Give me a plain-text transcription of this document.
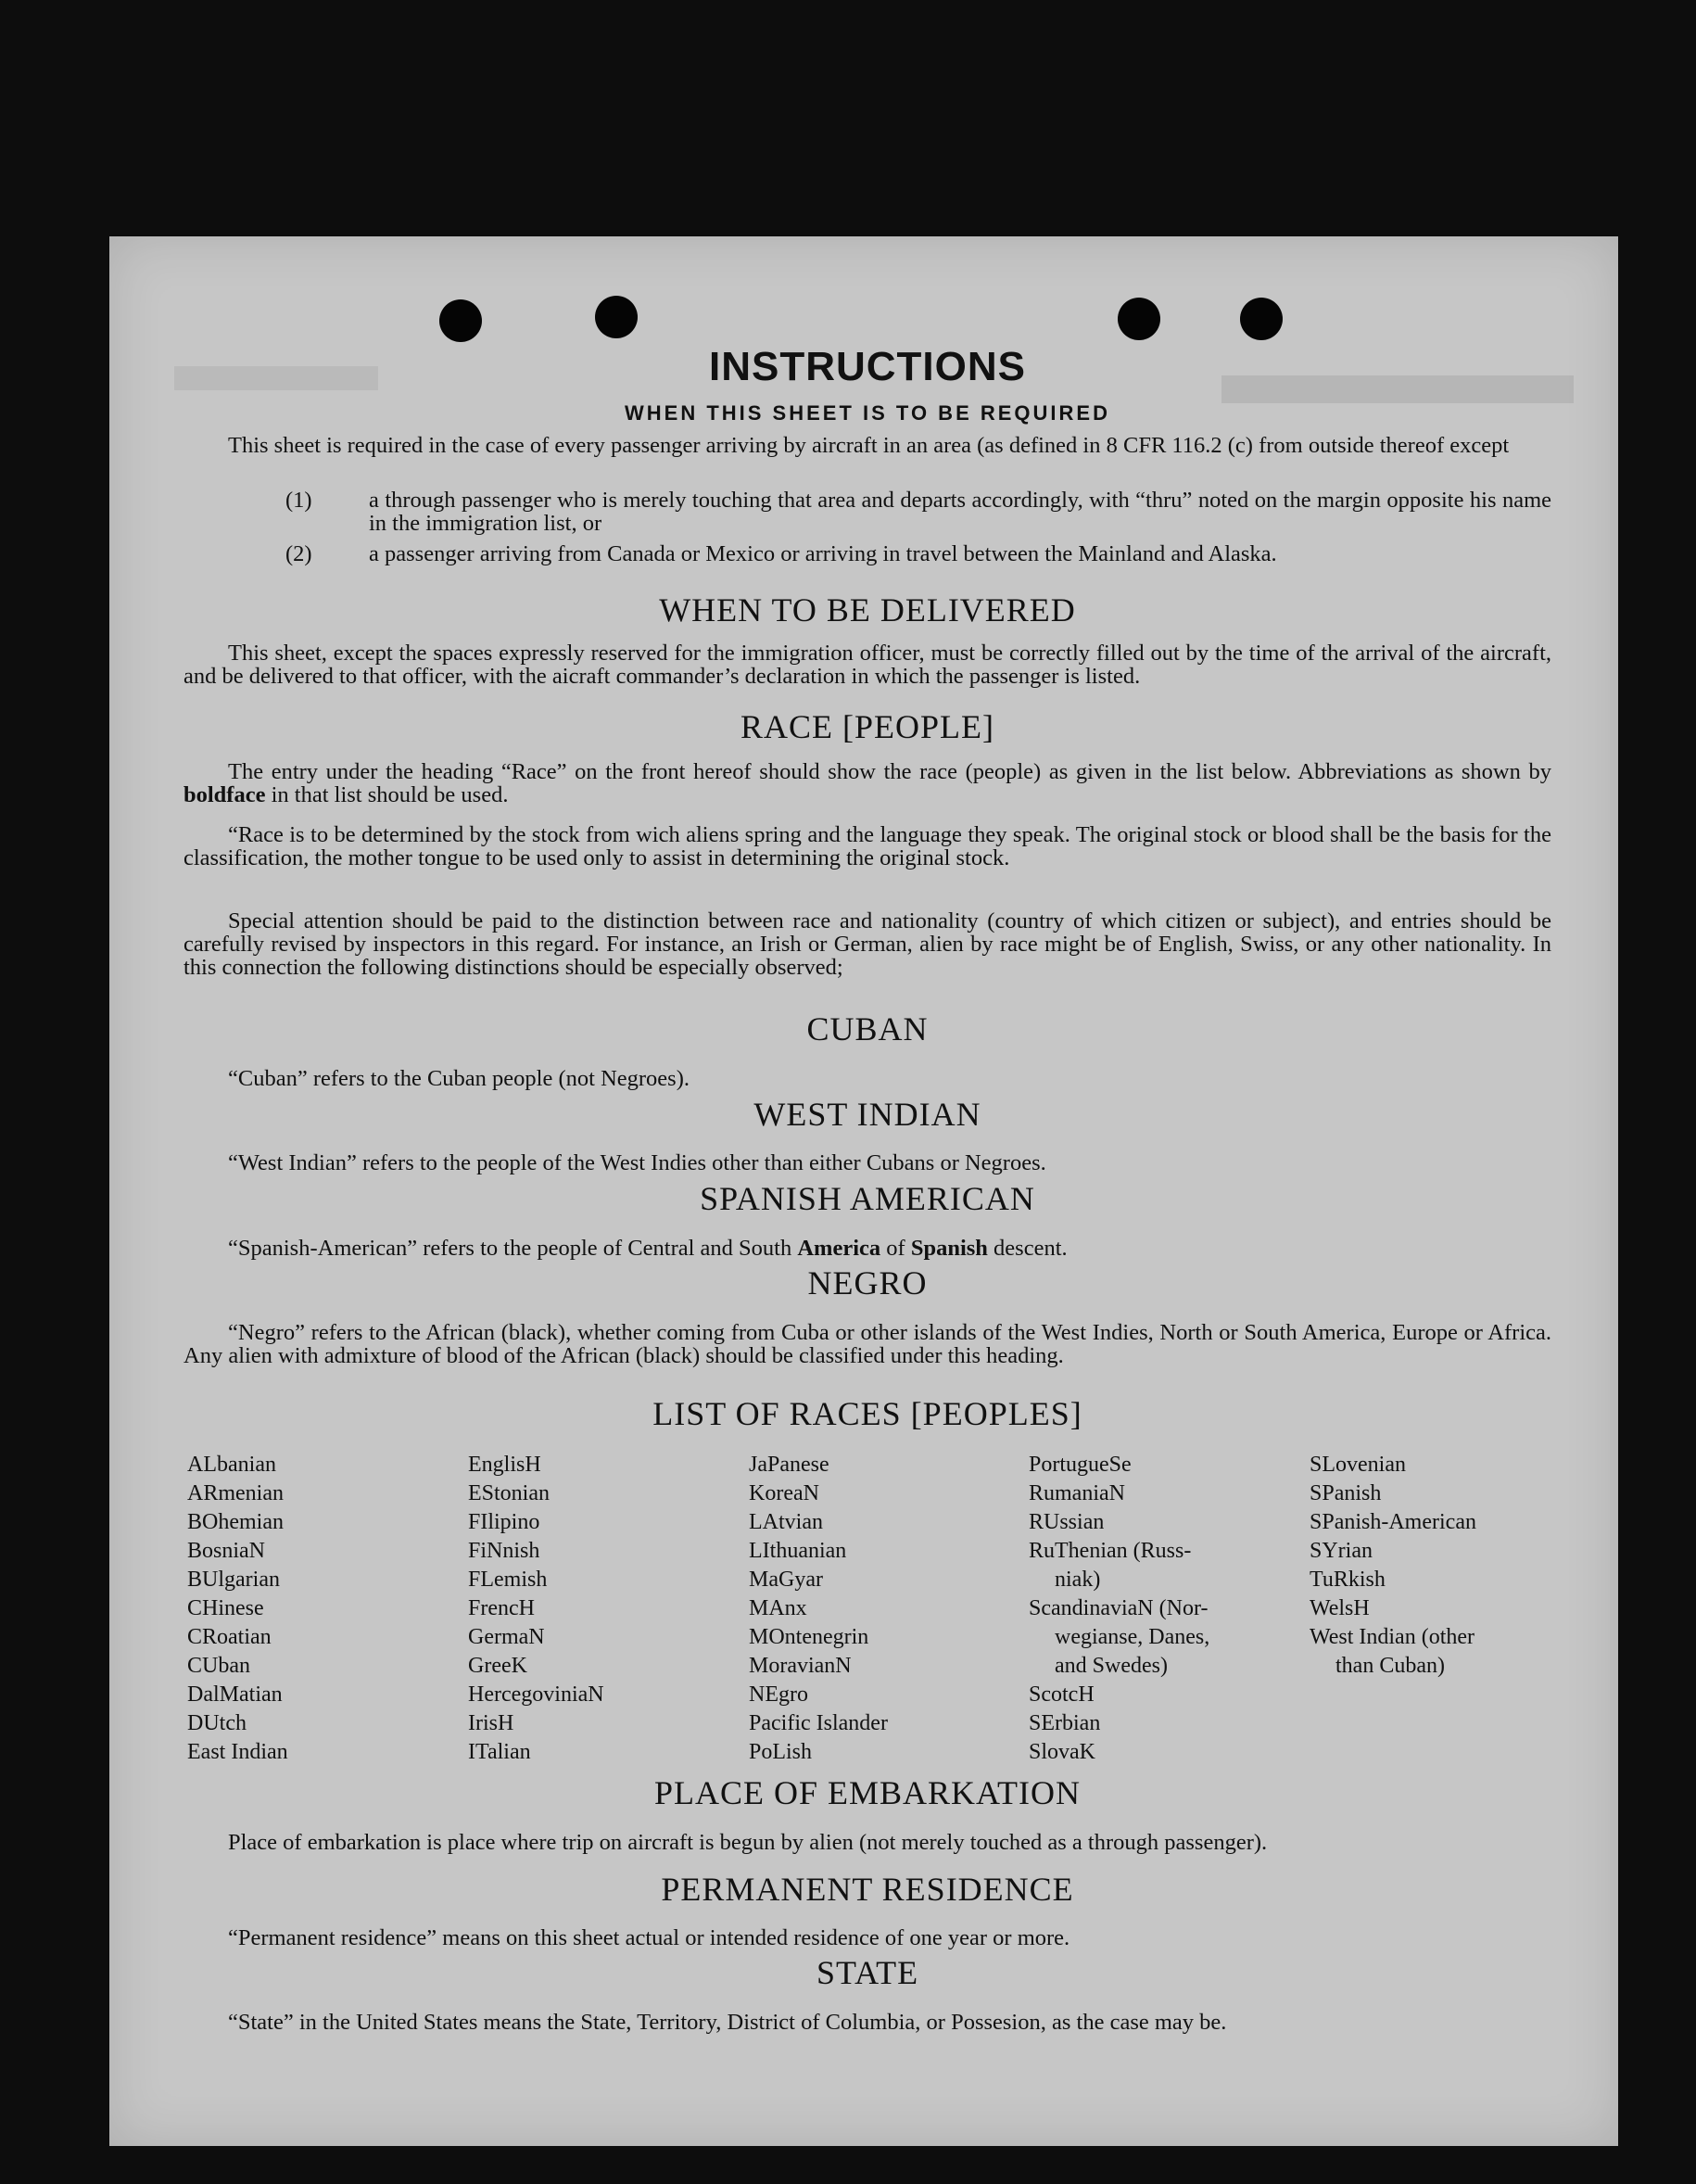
INSTRUCTIONS
WHEN THIS SHEET IS TO BE REQUIRED
This sheet is required in the case of every passenger arriving by aircraft in an area (as defined in 8 CFR 116.2 (c) from outside thereof except
(1)	a through passenger who is merely touching that area and departs accordingly, with “thru” noted on the margin opposite his name in the immigration list, or
(2)	a passenger arriving from Canada or Mexico or arriving in travel between the Mainland and Alaska.
WHEN TO BE DELIVERED
This sheet, except the spaces expressly reserved for the immigration officer, must be correctly filled out by the time of the arrival of the aircraft, and be delivered to that officer, with the aicraft commander’s declaration in which the passenger is listed.
RACE [PEOPLE]
The entry under the heading “Race” on the front hereof should show the race (people) as given in the list below. Abbreviations as shown by boldface in that list should be used.
“Race is to be determined by the stock from wich aliens spring and the language they speak. The original stock or blood shall be the basis for the classification, the mother tongue to be used only to assist in determining the original stock.
Special attention should be paid to the distinction between race and nationality (country of which citizen or subject), and entries should be carefully revised by inspectors in this regard. For instance, an Irish or German, alien by race might be of English, Swiss, or any other nationality. In this connection the following distinctions should be especially observed;
CUBAN
“Cuban” refers to the Cuban people (not Negroes).
WEST INDIAN
“West Indian” refers to the people of the West Indies other than either Cubans or Negroes.
SPANISH AMERICAN
“Spanish-American” refers to the people of Central and South America of Spanish descent.
NEGRO
“Negro” refers to the African (black), whether coming from Cuba or other islands of the West Indies, North or South America, Europe or Africa. Any alien with admixture of blood of the African (black) should be classified under this heading.
LIST OF RACES [PEOPLES]
ALbanian
ARmenian
BOhemian
BosniaN
BUlgarian
CHinese
CRoatian
CUban
DalMatian
DUtch
East Indian
EnglisH
EStonian
FIlipino
FiNnish
FLemish
FrencH
GermaN
GreeK
HercegoviniaN
IrisH
ITalian
JaPanese
KoreaN
LAtvian
LIthuanian
MaGyar
MAnx
MOntenegrin
MoravianN
NEgro
Pacific Islander
PoLish
PortugueSe
RumaniaN
RUssian
RuThenian (Russ-
niak)
ScandinaviaN (Nor-
wegianse, Danes,
and Swedes)
ScotcH
SErbian
SlovaK
SLovenian
SPanish
SPanish-American
SYrian
TuRkish
WelsH
West Indian (other
than Cuban)
PLACE OF EMBARKATION
Place of embarkation is place where trip on aircraft is begun by alien (not merely touched as a through passenger).
PERMANENT RESIDENCE
“Permanent residence” means on this sheet actual or intended residence of one year or more.
STATE
“State” in the United States means the State, Territory, District of Columbia, or Possesion, as the case may be.
